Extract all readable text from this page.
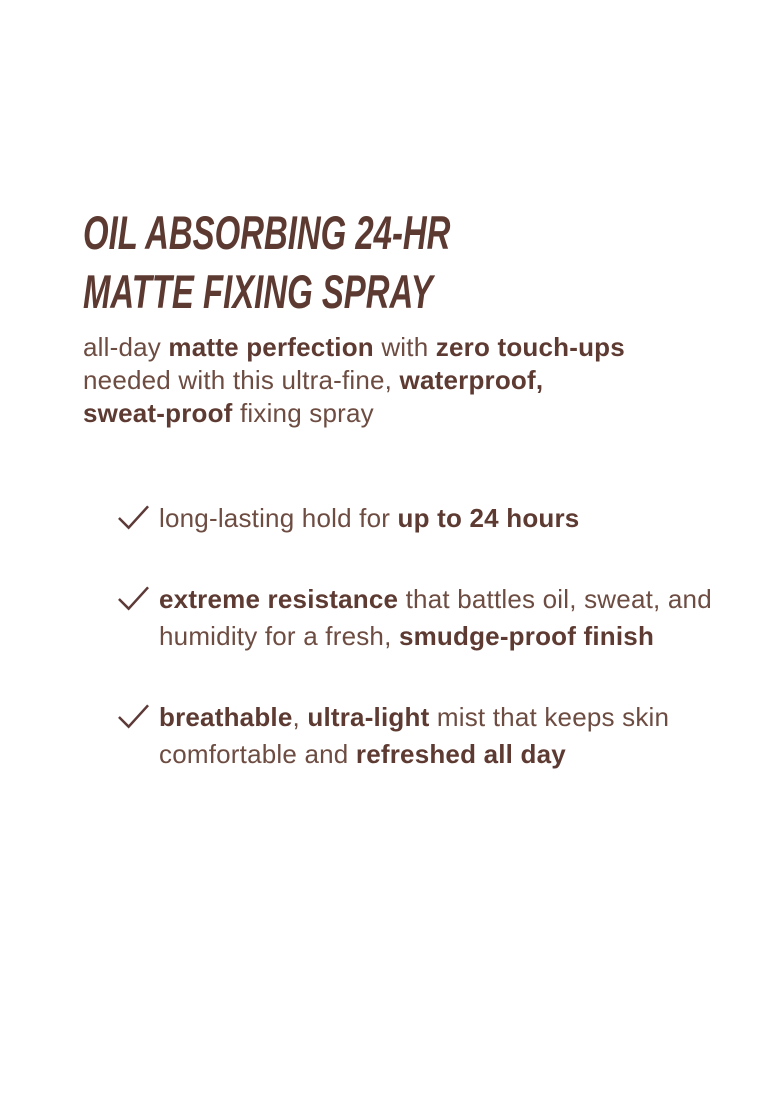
OIL ABSORBING 24-HR
MATTE FIXING SPRAY

all-day matte perfection with zero touch-ups
needed with this ultra-fine, waterproof,
sweat-proof fixing spray

long-lasting hold for up to 24 hours
extreme resistance that battles oil, sweat, and
humidity for a fresh, smudge-proof finish
breathable, ultra-light mist that keeps skin
comfortable and refreshed all day
